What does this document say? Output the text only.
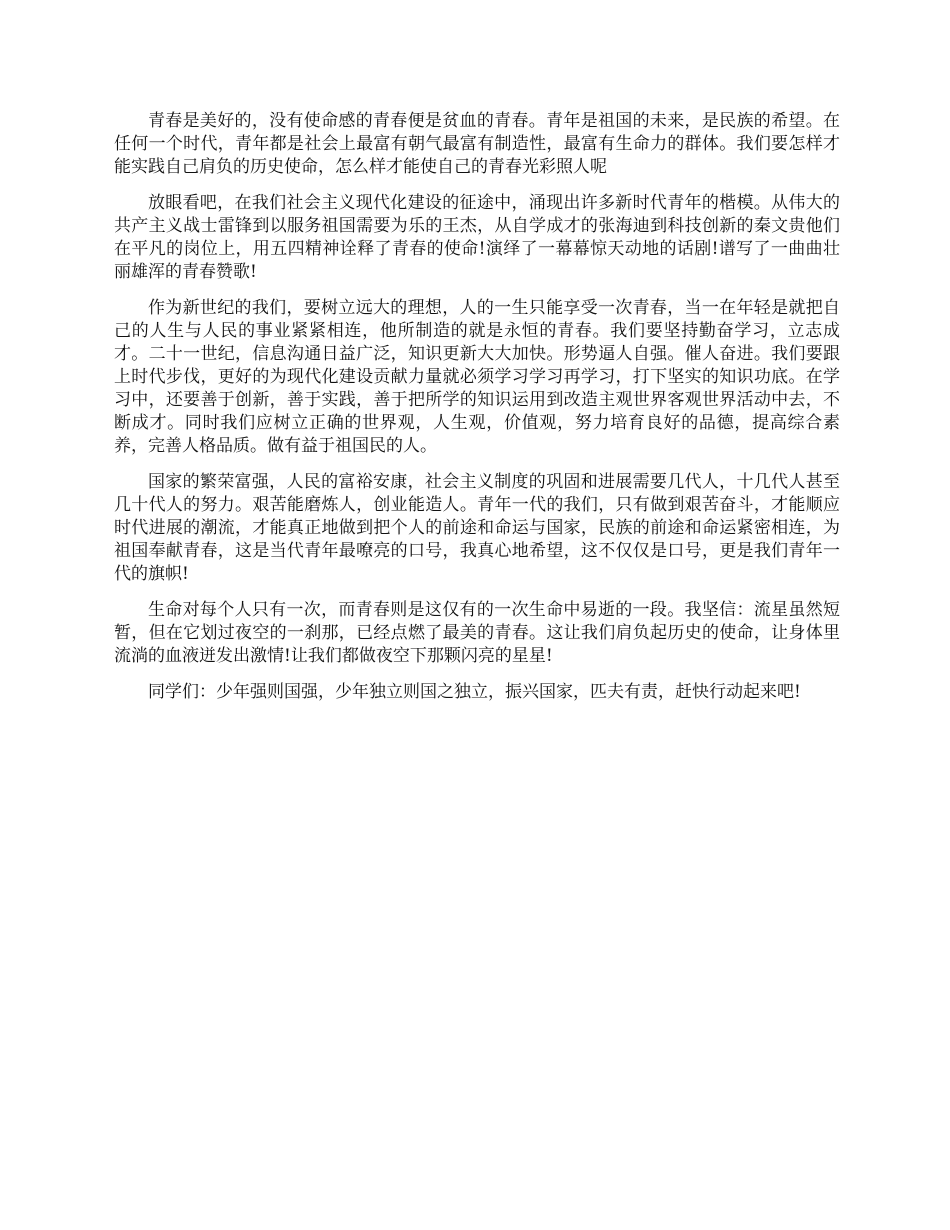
青春是美好的，没有使命感的青春便是贫血的青春。青年是祖国的未来，是民族的希望。在任何一个时代，青年都是社会上最富有朝气最富有制造性，最富有生命力的群体。我们要怎样才能实践自己肩负的历史使命，怎么样才能使自己的青春光彩照人呢

放眼看吧，在我们社会主义现代化建设的征途中，涌现出许多新时代青年的楷模。从伟大的共产主义战士雷锋到以服务祖国需要为乐的王杰，从自学成才的张海迪到科技创新的秦文贵他们在平凡的岗位上，用五四精神诠释了青春的使命!演绎了一幕幕惊天动地的话剧!谱写了一曲曲壮丽雄浑的青春赞歌!

作为新世纪的我们，要树立远大的理想，人的一生只能享受一次青春，当一在年轻是就把自己的人生与人民的事业紧紧相连，他所制造的就是永恒的青春。我们要坚持勤奋学习，立志成才。二十一世纪，信息沟通日益广泛，知识更新大大加快。形势逼人自强。催人奋进。我们要跟上时代步伐，更好的为现代化建设贡献力量就必须学习学习再学习，打下坚实的知识功底。在学习中，还要善于创新，善于实践，善于把所学的知识运用到改造主观世界客观世界活动中去，不断成才。同时我们应树立正确的世界观，人生观，价值观，努力培育良好的品德，提高综合素养，完善人格品质。做有益于祖国民的人。

国家的繁荣富强，人民的富裕安康，社会主义制度的巩固和进展需要几代人，十几代人甚至几十代人的努力。艰苦能磨炼人，创业能造人。青年一代的我们，只有做到艰苦奋斗，才能顺应时代进展的潮流，才能真正地做到把个人的前途和命运与国家，民族的前途和命运紧密相连，为祖国奉献青春，这是当代青年最嘹亮的口号，我真心地希望，这不仅仅是口号，更是我们青年一代的旗帜!

生命对每个人只有一次，而青春则是这仅有的一次生命中易逝的一段。我坚信：流星虽然短暂，但在它划过夜空的一刹那，已经点燃了最美的青春。这让我们肩负起历史的使命，让身体里流淌的血液迸发出激情!让我们都做夜空下那颗闪亮的星星!

同学们：少年强则国强，少年独立则国之独立，振兴国家，匹夫有责，赶快行动起来吧!
